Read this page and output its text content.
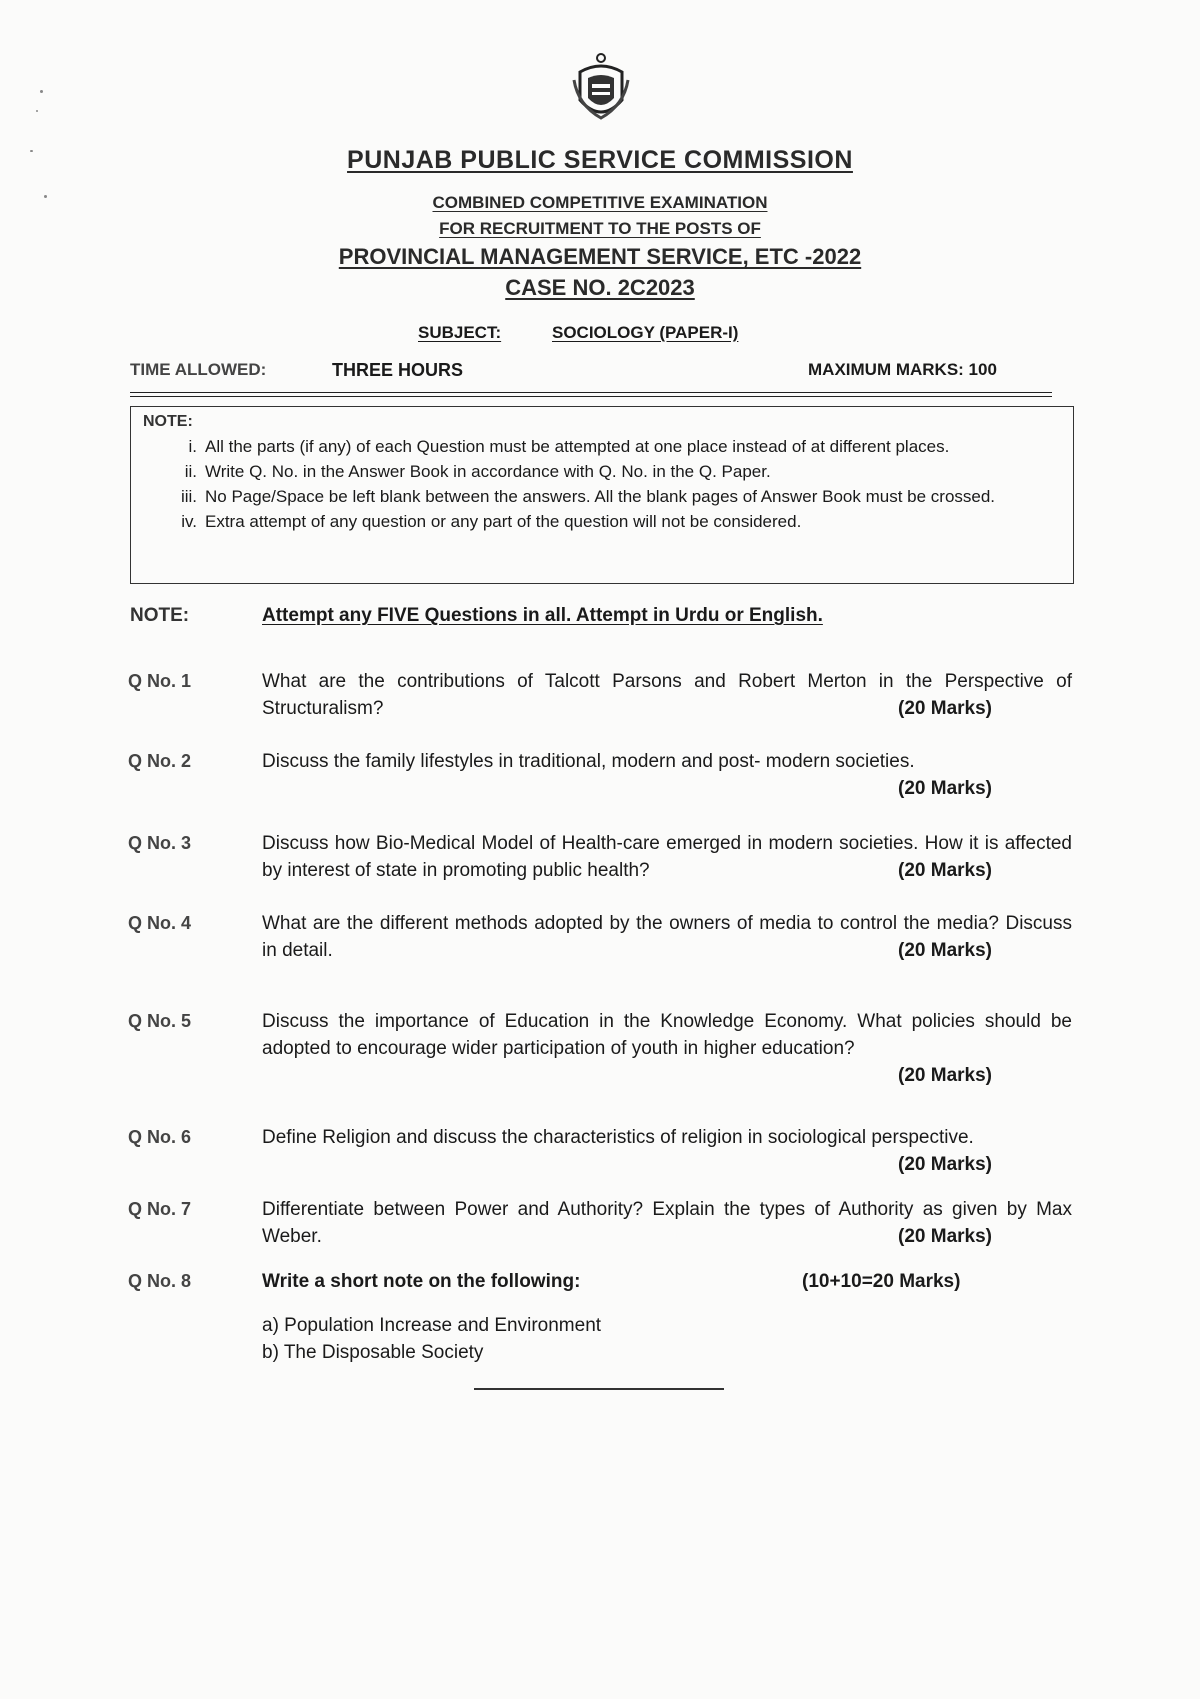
PUNJAB PUBLIC SERVICE COMMISSION
COMBINED COMPETITIVE EXAMINATION
FOR RECRUITMENT TO THE POSTS OF
PROVINCIAL MANAGEMENT SERVICE, ETC -2022
CASE NO. 2C2023
SUBJECT:	SOCIOLOGY (PAPER-I)
TIME ALLOWED:	THREE HOURS	MAXIMUM MARKS: 100
NOTE:
i. All the parts (if any) of each Question must be attempted at one place instead of at different places.
ii. Write Q. No. in the Answer Book in accordance with Q. No. in the Q. Paper.
iii. No Page/Space be left blank between the answers. All the blank pages of Answer Book must be crossed.
iv. Extra attempt of any question or any part of the question will not be considered.
NOTE:	Attempt any FIVE Questions in all. Attempt in Urdu or English.
Q No. 1	What are the contributions of Talcott Parsons and Robert Merton in the Perspective of Structuralism?	(20 Marks)
Q No. 2	Discuss the family lifestyles in traditional, modern and post- modern societies.
(20 Marks)
Q No. 3	Discuss how Bio-Medical Model of Health-care emerged in modern societies. How it is affected by interest of state in promoting public health?	(20 Marks)
Q No. 4	What are the different methods adopted by the owners of media to control the media? Discuss in detail.	(20 Marks)
Q No. 5	Discuss the importance of Education in the Knowledge Economy. What policies should be adopted to encourage wider participation of youth in higher education?
(20 Marks)
Q No. 6	Define Religion and discuss the characteristics of religion in sociological perspective.
(20 Marks)
Q No. 7	Differentiate between Power and Authority? Explain the types of Authority as given by Max Weber.	(20 Marks)
Q No. 8	Write a short note on the following:	(10+10=20 Marks)
a) Population Increase and Environment
b) The Disposable Society
